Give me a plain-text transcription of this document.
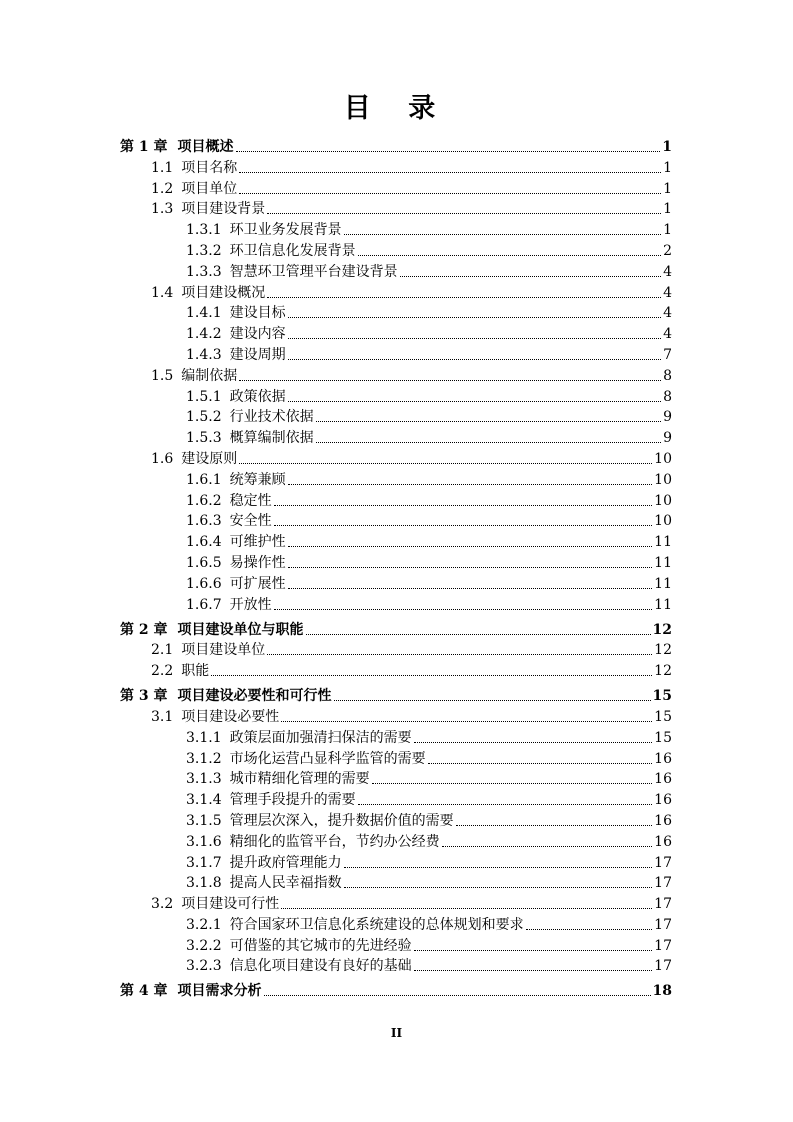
目 录
第 1 章 项目概述	1
1.1 项目名称	1
1.2 项目单位	1
1.3 项目建设背景	1
1.3.1 环卫业务发展背景	1
1.3.2 环卫信息化发展背景	2
1.3.3 智慧环卫管理平台建设背景	4
1.4 项目建设概况	4
1.4.1 建设目标	4
1.4.2 建设内容	4
1.4.3 建设周期	7
1.5 编制依据	8
1.5.1 政策依据	8
1.5.2 行业技术依据	9
1.5.3 概算编制依据	9
1.6 建设原则	10
1.6.1 统筹兼顾	10
1.6.2 稳定性	10
1.6.3 安全性	10
1.6.4 可维护性	11
1.6.5 易操作性	11
1.6.6 可扩展性	11
1.6.7 开放性	11
第 2 章 项目建设单位与职能	12
2.1 项目建设单位	12
2.2 职能	12
第 3 章 项目建设必要性和可行性	15
3.1 项目建设必要性	15
3.1.1 政策层面加强清扫保洁的需要	15
3.1.2 市场化运营凸显科学监管的需要	16
3.1.3 城市精细化管理的需要	16
3.1.4 管理手段提升的需要	16
3.1.5 管理层次深入，提升数据价值的需要	16
3.1.6 精细化的监管平台，节约办公经费	16
3.1.7 提升政府管理能力	17
3.1.8 提高人民幸福指数	17
3.2 项目建设可行性	17
3.2.1 符合国家环卫信息化系统建设的总体规划和要求	17
3.2.2 可借鉴的其它城市的先进经验	17
3.2.3 信息化项目建设有良好的基础	17
第 4 章 项目需求分析	18
II
